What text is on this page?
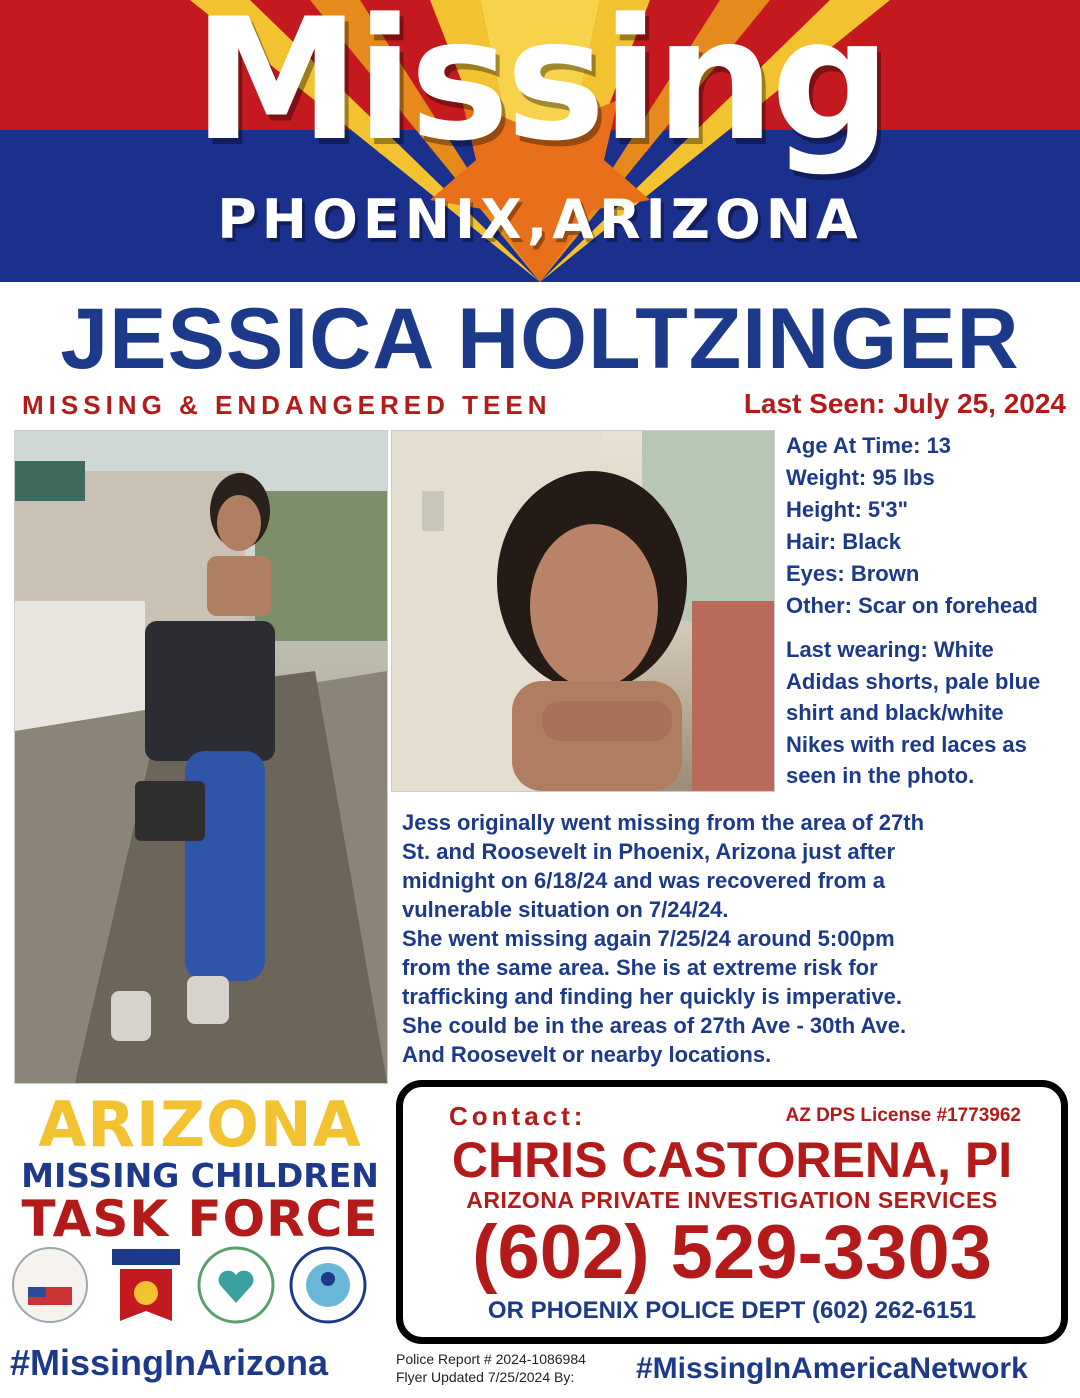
Missing
PHOENIX,ARIZONA
JESSICA HOLTZINGER
MISSING & ENDANGERED TEEN	Last Seen: July 25, 2024
Age At Time: 13
Weight: 95 lbs
Height: 5'3"
Hair: Black
Eyes: Brown
Other: Scar on forehead
Last wearing: White
Adidas shorts, pale blue
shirt and black/white
Nikes with red laces as
seen in the photo.
Jess originally went missing from the area of 27th
St. and Roosevelt in Phoenix, Arizona just after
midnight on 6/18/24 and was recovered from a
vulnerable situation on 7/24/24.
She went missing again 7/25/24 around 5:00pm
from the same area. She is at extreme risk for
trafficking and finding her quickly is imperative.
She could be in the areas of 27th Ave - 30th Ave.
And Roosevelt or nearby locations.
ARIZONA
MISSING CHILDREN
TASK FORCE
#MissingInArizona
Contact:	AZ DPS License #1773962
CHRIS CASTORENA, PI
ARIZONA PRIVATE INVESTIGATION SERVICES
(602) 529-3303
OR PHOENIX POLICE DEPT (602) 262-6151
Police Report # 2024-1086984
Flyer Updated 7/25/2024 By:	#MissingInAmericaNetwork
